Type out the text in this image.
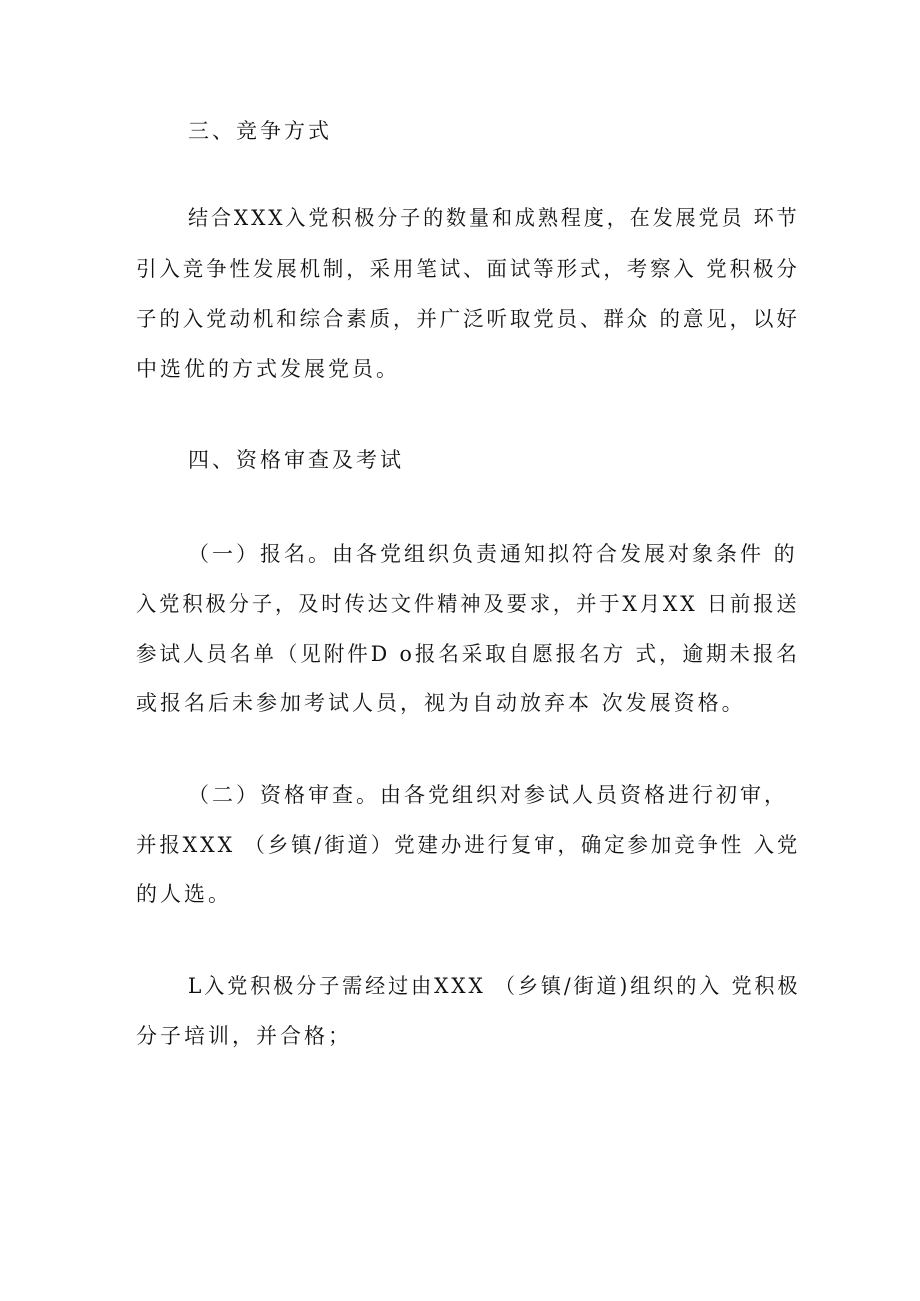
三、竞争方式
结合XXX入党积极分子的数量和成熟程度，在发展党员 环节
引入竞争性发展机制，采用笔试、面试等形式，考察入 党积极分
子的入党动机和综合素质，并广泛听取党员、群众 的意见，以好
中选优的方式发展党员。
四、资格审查及考试
（一）报名。由各党组织负责通知拟符合发展对象条件 的
入党积极分子，及时传达文件精神及要求，并于X月XX 日前报送
参试人员名单（见附件D o报名采取自愿报名方 式，逾期未报名
或报名后未参加考试人员，视为自动放弃本 次发展资格。
（二）资格审查。由各党组织对参试人员资格进行初审，
并报XXX （乡镇/街道）党建办进行复审，确定参加竞争性 入党
的人选。
L入党积极分子需经过由XXX （乡镇/街道)组织的入 党积极
分子培训，并合格；
